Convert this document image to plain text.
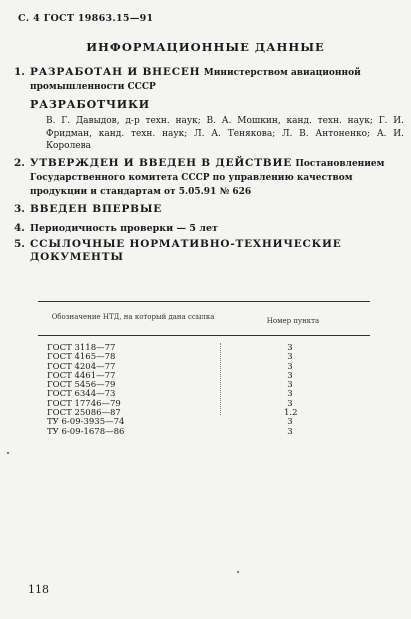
С. 4 ГОСТ 19863.15—91
ИНФОРМАЦИОННЫЕ ДАННЫЕ
1. РАЗРАБОТАН И ВНЕСЕН Министерством авиационной промышленности СССР
РАЗРАБОТЧИКИ
В. Г. Давыдов, д-р техн. наук; В. А. Мошкин, канд. техн. наук; Г. И. Фридман, канд. техн. наук; Л. А. Тенякова; Л. В. Антоненко; А. И. Королева
2. УТВЕРЖДЕН И ВВЕДЕН В ДЕЙСТВИЕ Постановлением Государственного комитета СССР по управлению качеством продукции и стандартам от 5.05.91 № 626
3. ВВЕДЕН ВПЕРВЫЕ
4. Периодичность проверки — 5 лет
5. ССЫЛОЧНЫЕ НОРМАТИВНО-ТЕХНИЧЕСКИЕ ДОКУМЕНТЫ
Обозначение НТД, на который дана ссылка	Номер пункта
ГОСТ 3118—77	3
ГОСТ 4165—78	3
ГОСТ 4204—77	3
ГОСТ 4461—77	3
ГОСТ 5456—79	3
ГОСТ 6344—73	3
ГОСТ 17746—79	3
ГОСТ 25086—87	1.2
ТУ 6-09-3935—74	3
ТУ 6-09-1678—86	3
118
